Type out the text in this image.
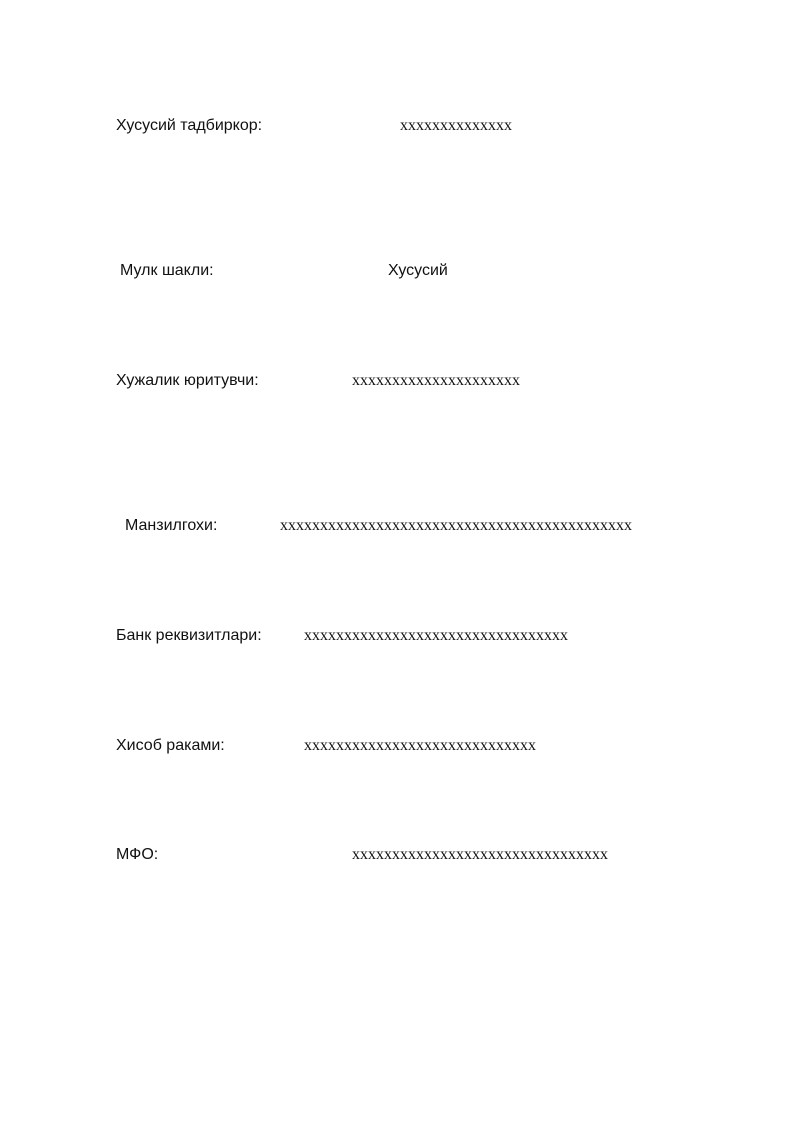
Хусусий тадбиркор:	xxxxxxxxxxxxxx
Мулк шакли:	Хусусий
Хужалик юритувчи:	xxxxxxxxxxxxxxxxxxxxx
Манзилгохи:	xxxxxxxxxxxxxxxxxxxxxxxxxxxxxxxxxxxxxxxxxxxx
Банк реквизитлари:	xxxxxxxxxxxxxxxxxxxxxxxxxxxxxxxxx
Хисоб раками:	xxxxxxxxxxxxxxxxxxxxxxxxxxxxx
МФО:	xxxxxxxxxxxxxxxxxxxxxxxxxxxxxxxx
